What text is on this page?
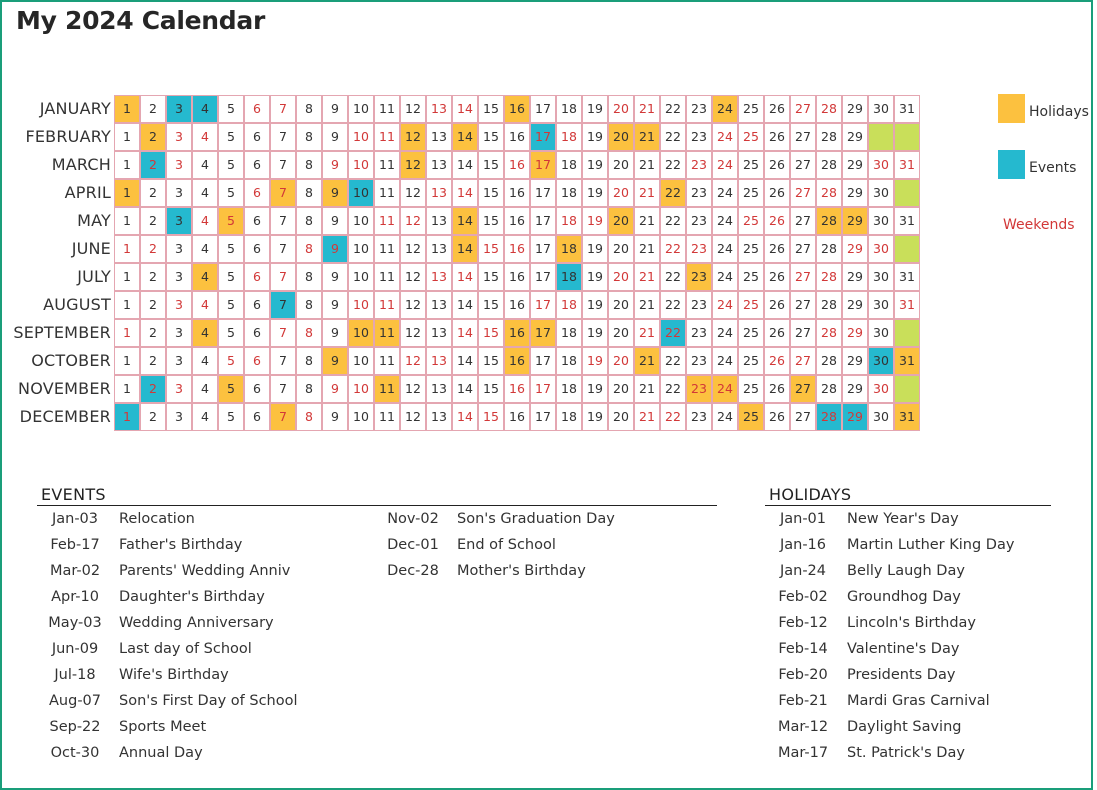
My 2024 Calendar
JANUARY 1	2	3	4	5	6	7	8	9	10 11 12 13 14 15 16 17 18 19 20 21 22 23 24 25 26 27 28 29 30 31
FEBRUARY 1	2	3	4	5	6	7	8	9	10 11 12 13 14 15 16 17 18 19 20 21 22 23 24 25 26 27 28 29
MARCH 1	2	3	4	5	6	7	8	9	10 11 12 13 14 15 16 17 18 19 20 21 22 23 24 25 26 27 28 29 30 31
APRIL 1	2	3	4	5	6	7	8	9	10 11 12 13 14 15 16 17 18 19 20 21 22 23 24 25 26 27 28 29 30
MAY 1	2	3	4	5	6	7	8	9	10 11 12 13 14 15 16 17 18 19 20 21 22 23 24 25 26 27 28 29 30 31
JUNE 1	2	3	4	5	6	7	8	9	10 11 12 13 14 15 16 17 18 19 20 21 22 23 24 25 26 27 28 29 30
JULY 1	2	3	4	5	6	7	8	9	10 11 12 13 14 15 16 17 18 19 20 21 22 23 24 25 26 27 28 29 30 31
AUGUST 1	2	3	4	5	6	7	8	9	10 11 12 13 14 15 16 17 18 19 20 21 22 23 24 25 26 27 28 29 30 31
SEPTEMBER 1	2	3	4	5	6	7	8	9	10 11 12 13 14 15 16 17 18 19 20 21 22 23 24 25 26 27 28 29 30
OCTOBER 1	2	3	4	5	6	7	8	9	10 11 12 13 14 15 16 17 18 19 20 21 22 23 24 25 26 27 28 29 30 31
NOVEMBER 1	2	3	4	5	6	7	8	9	10 11 12 13 14 15 16 17 18 19 20 21 22 23 24 25 26 27 28 29 30
DECEMBER 1	2	3	4	5	6	7	8	9	10 11 12 13 14 15 16 17 18 19 20 21 22 23 24 25 26 27 28 29 30 31
Holidays
Events
Weekends
EVENTS
Jan-03	Relocation
Feb-17	Father's Birthday
Mar-02	Parents' Wedding Anniv
Apr-10	Daughter's Birthday
May-03	Wedding Anniversary
Jun-09	Last day of School
Jul-18	Wife's Birthday
Aug-07	Son's First Day of School
Sep-22	Sports Meet
Oct-30	Annual Day
Nov-02	Son's Graduation Day
Dec-01	End of School
Dec-28	Mother's Birthday
HOLIDAYS
Jan-01	New Year's Day
Jan-16	Martin Luther King Day
Jan-24	Belly Laugh Day
Feb-02	Groundhog Day
Feb-12	Lincoln's Birthday
Feb-14	Valentine's Day
Feb-20	Presidents Day
Feb-21	Mardi Gras Carnival
Mar-12	Daylight Saving
Mar-17	St. Patrick's Day
